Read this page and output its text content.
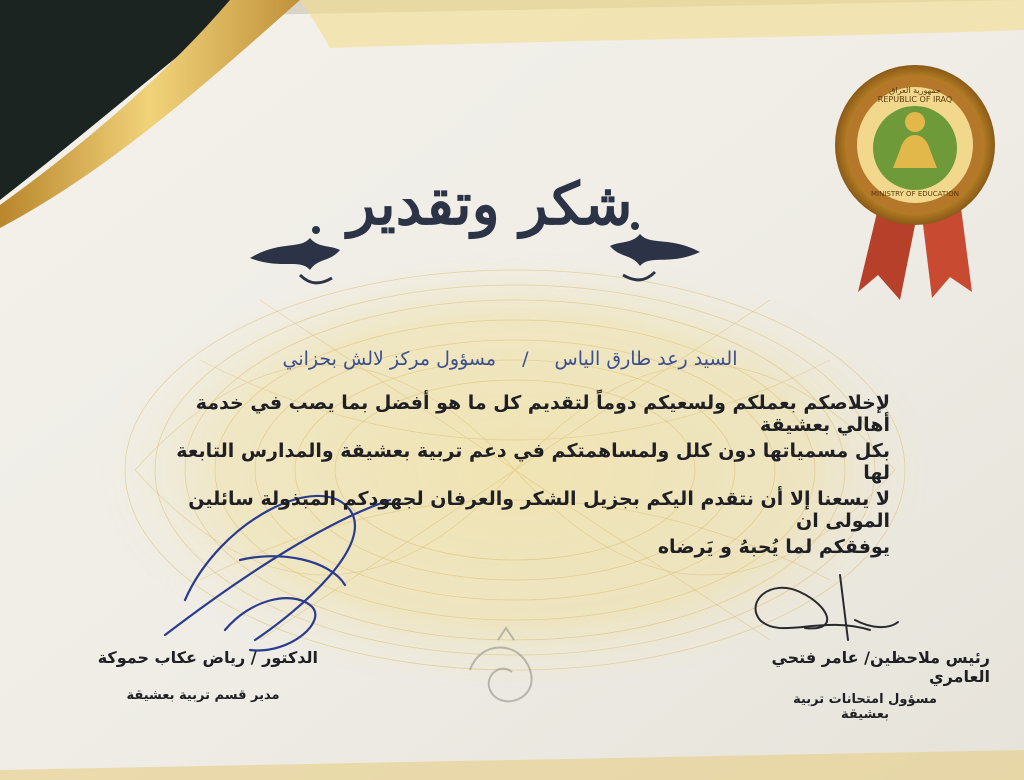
شكر وتقدير
السيد رعد طارق الياس / مسؤول مركز لالش بحزاني
لإخلاصكم بعملكم ولسعيكم دوماً لتقديم كل ما هو أفضل بما يصب في خدمة أهالي بعشيقة
بكل مسمياتها دون كلل ولمساهمتكم في دعم تربية بعشيقة والمدارس التابعة لها
لا يسعنا إلا أن نتقدم اليكم بجزيل الشكر والعرفان لجهودكم المبذولة سائلين المولى ان
يوفقكم لما يُحبهُ و يَرضاه
الدكتور / رياض عكاب حموكة
مدير قسم تربية بعشيقة
رئيس ملاحظين/ عامر فتحي العامري
مسؤول امتحانات تربية بعشيقة
جمهورية العراق
REPUBLIC OF IRAQ
MINISTRY OF EDUCATION
